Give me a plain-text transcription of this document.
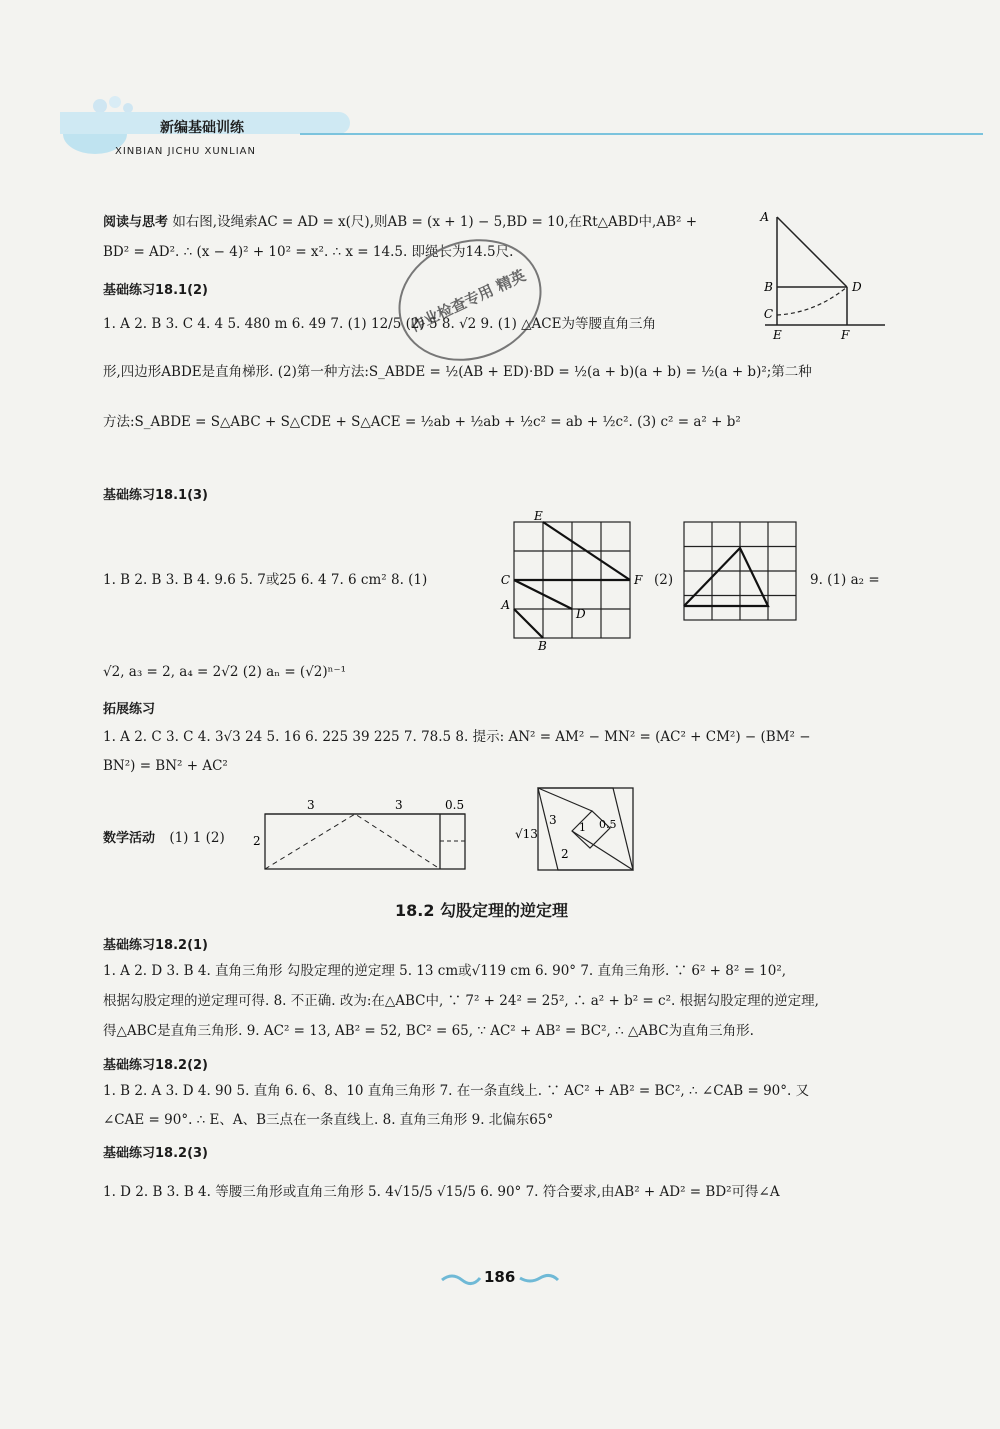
新编基础训练
XINBIAN JICHU XUNLIAN
阅读与思考 如右图,设绳索AC = AD = x(尺),则AB = (x + 1) − 5,BD = 10,在Rt△ABD中,AB² +
BD² = AD². ∴ (x − 4)² + 10² = x². ∴ x = 14.5. 即绳长为14.5尺.
作业检查专用 精英
A
B
C
D
E	F
基础练习18.1(2)
1. A 2. B 3. C 4. 4 5. 480 m 6. 49 7. (1) 12/5 (2) 5 8. √2 9. (1) △ACE为等腰直角三角
形,四边形ABDE是直角梯形. (2)第一种方法:S_ABDE = ½(AB + ED)·BD = ½(a + b)(a + b) = ½(a + b)²;第二种
方法:S_ABDE = S△ABC + S△CDE + S△ACE = ½ab + ½ab + ½c² = ab + ½c². (3) c² = a² + b²
基础练习18.1(3)
1. B 2. B 3. B 4. 9.6 5. 7或25 6. 4 7. 6 cm² 8. (1)	(2)	9. (1) a₂ =
√2, a₃ = 2, a₄ = 2√2 (2) aₙ = (√2)ⁿ⁻¹
E
C	F
A
D
B
拓展练习
1. A 2. C 3. C 4. 3√3 24 5. 16 6. 225 39 225 7. 78.5 8. 提示: AN² = AM² − MN² = (AC² + CM²) − (BM² −
BN²) = BN² + AC²
数学活动 (1) 1 (2)
3	3	0.5
2
3
1 0.5
2
√13
18.2 勾股定理的逆定理
基础练习18.2(1)
1. A 2. D 3. B 4. 直角三角形 勾股定理的逆定理 5. 13 cm或√119 cm 6. 90° 7. 直角三角形. ∵ 6² + 8² = 10²,
根据勾股定理的逆定理可得. 8. 不正确. 改为:在△ABC中, ∵ 7² + 24² = 25², ∴ a² + b² = c². 根据勾股定理的逆定理,
得△ABC是直角三角形. 9. AC² = 13, AB² = 52, BC² = 65, ∵ AC² + AB² = BC², ∴ △ABC为直角三角形.
基础练习18.2(2)
1. B 2. A 3. D 4. 90 5. 直角 6. 6、8、10 直角三角形 7. 在一条直线上. ∵ AC² + AB² = BC², ∴ ∠CAB = 90°. 又
∠CAE = 90°. ∴ E、A、B三点在一条直线上. 8. 直角三角形 9. 北偏东65°
基础练习18.2(3)
1. D 2. B 3. B 4. 等腰三角形或直角三角形 5. 4√15/5 √15/5 6. 90° 7. 符合要求,由AB² + AD² = BD²可得∠A
186
